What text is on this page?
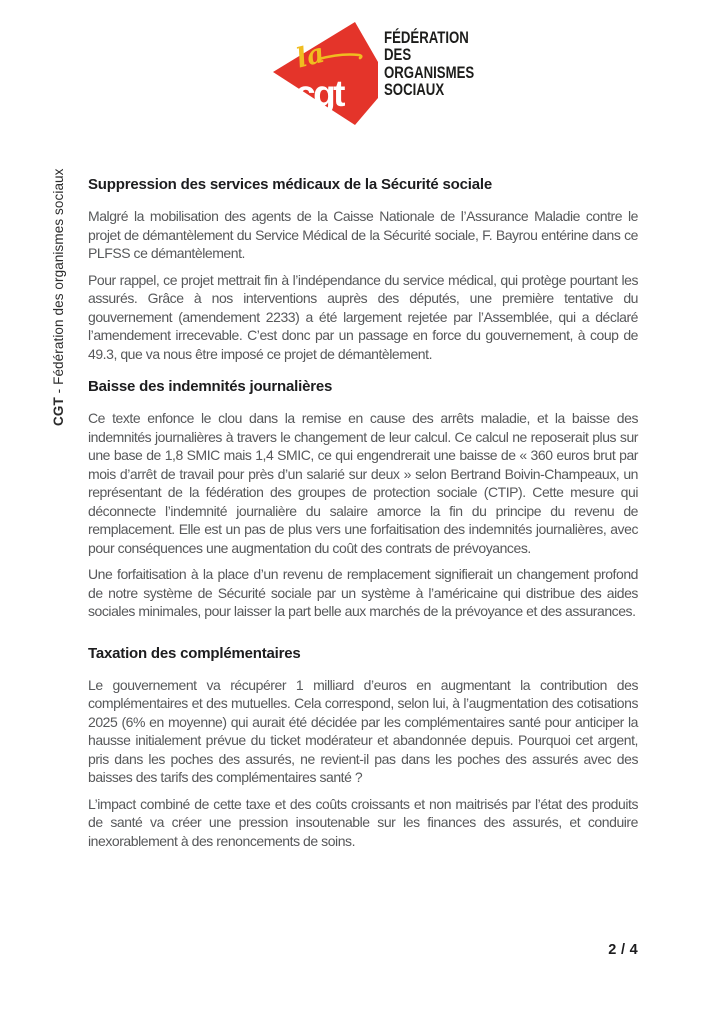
la
cgt
FÉDÉRATION
DES
ORGANISMES
SOCIAUX
CGT - Fédération des organismes sociaux Suppression des services médicaux de la Sécurité sociale

Malgré la mobilisation des agents de la Caisse Nationale de l’Assurance Maladie contre le projet de démantèlement du Service Médical de la Sécurité sociale, F. Bayrou entérine dans ce PLFSS ce démantèlement.

Pour rappel, ce projet mettrait fin à l’indépendance du service médical, qui protège pourtant les assurés. Grâce à nos interventions auprès des députés, une première tentative du gouvernement (amendement 2233) a été largement rejetée par l’Assemblée, qui a déclaré l’amendement irrecevable. C’est donc par un passage en force du gouvernement, à coup de 49.3, que va nous être imposé ce projet de démantèlement.

Baisse des indemnités journalières

Ce texte enfonce le clou dans la remise en cause des arrêts maladie, et la baisse des indemnités journalières à travers le changement de leur calcul. Ce calcul ne reposerait plus sur une base de 1,8 SMIC mais 1,4 SMIC, ce qui engendrerait une baisse de « 360 euros brut par mois d’arrêt de travail pour près d’un salarié sur deux » selon Bertrand Boivin-Champeaux, un représentant de la fédération des groupes de protection sociale (CTIP). Cette mesure qui déconnecte l’indemnité journalière du salaire amorce la fin du principe du revenu de remplacement. Elle est un pas de plus vers une forfaitisation des indemnités journalières, avec pour conséquences une augmentation du coût des contrats de prévoyances.

Une forfaitisation à la place d’un revenu de remplacement signifierait un changement profond de notre système de Sécurité sociale par un système à l’américaine qui distribue des aides sociales minimales, pour laisser la part belle aux marchés de la prévoyance et des assurances.

Taxation des complémentaires

Le gouvernement va récupérer 1 milliard d’euros en augmentant la contribution des complémentaires et des mutuelles. Cela correspond, selon lui, à l’augmentation des cotisations 2025 (6% en moyenne) qui aurait été décidée par les complémentaires santé pour anticiper la hausse initialement prévue du ticket modérateur et abandonnée depuis. Pourquoi cet argent, pris dans les poches des assurés, ne revient-il pas dans les poches des assurés avec des baisses des tarifs des complémentaires santé ?

L’impact combiné de cette taxe et des coûts croissants et non maitrisés par l’état des produits de santé va créer une pression insoutenable sur les finances des assurés, et conduire inexorablement à des renoncements de soins.

2 / 4
